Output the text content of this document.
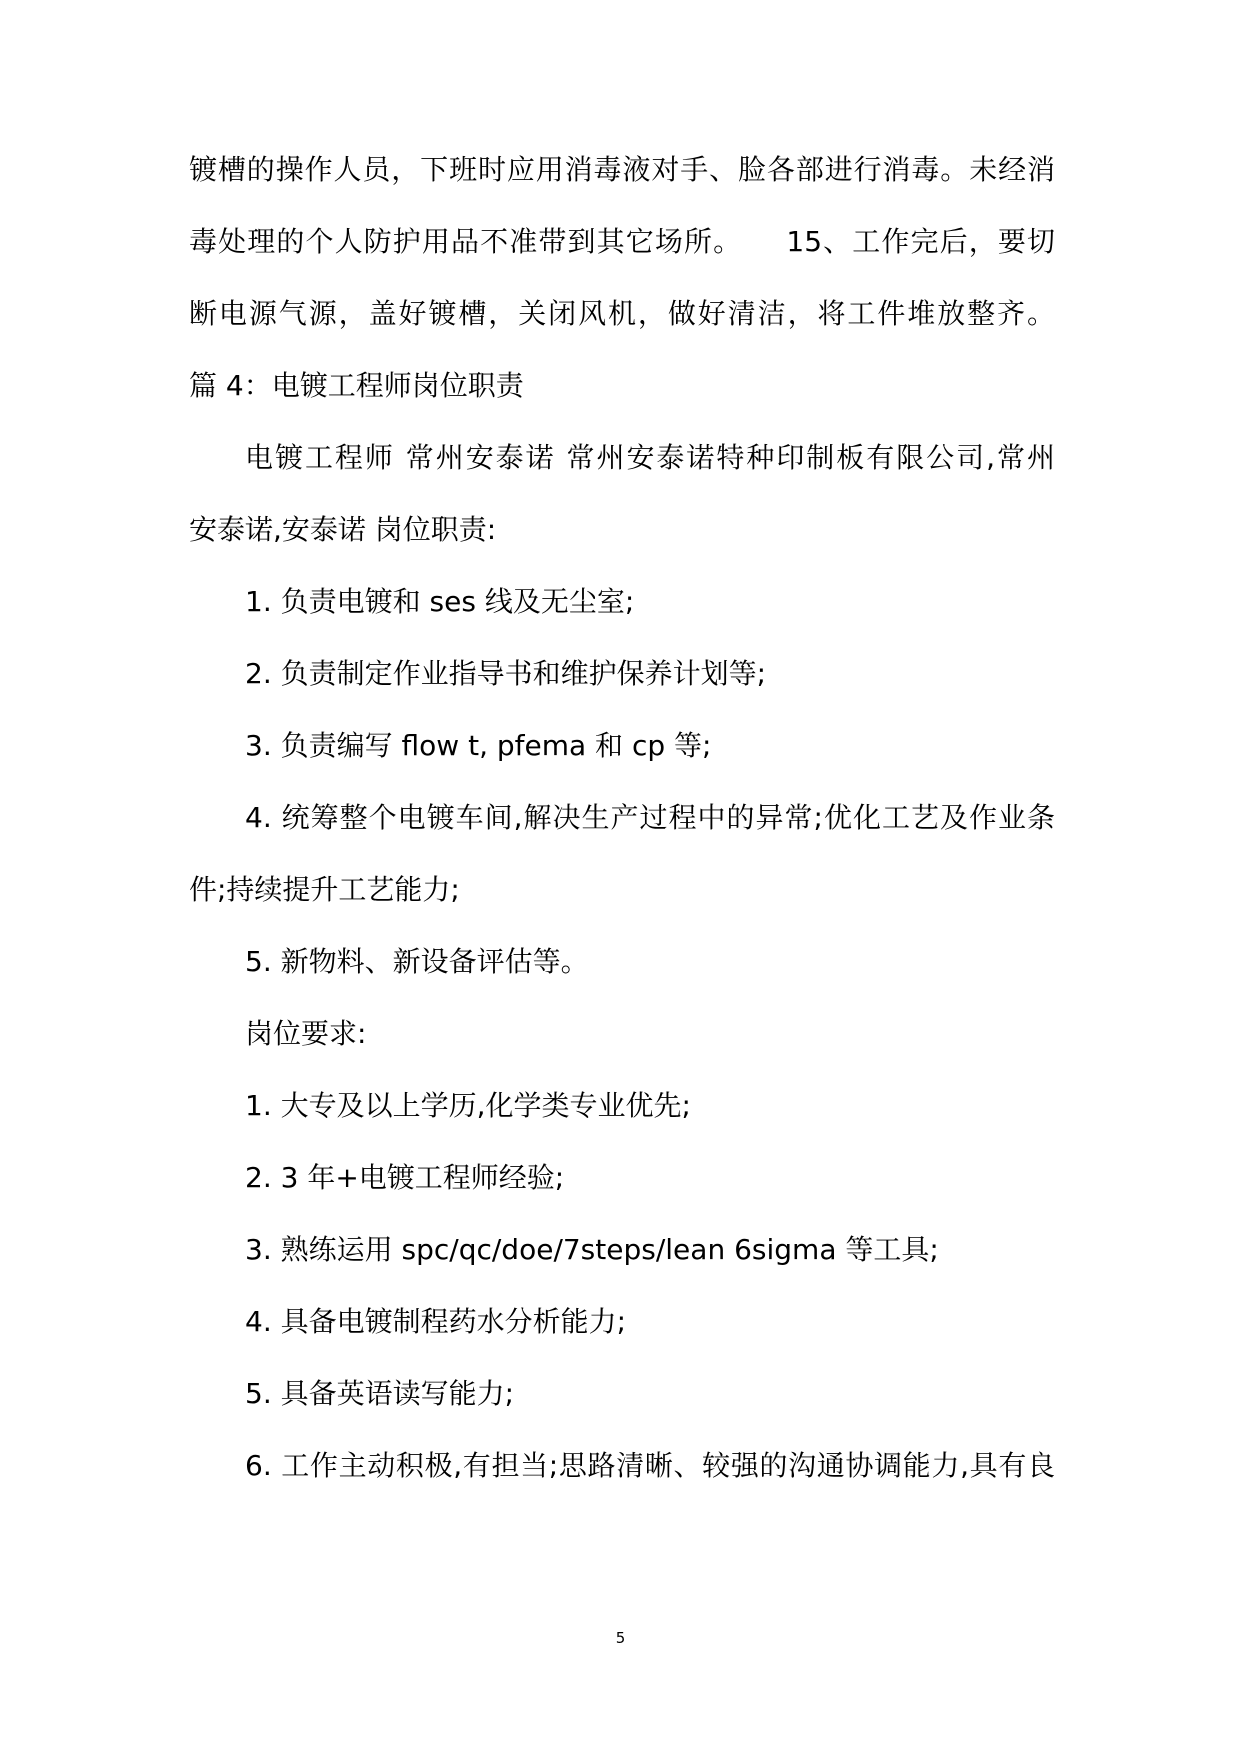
镀槽的操作人员，下班时应用消毒液对手、脸各部进行消毒。未经消
毒处理的个人防护用品不准带到其它场所。　　15、工作完后，要切
断电源气源，盖好镀槽，关闭风机，做好清洁，将工件堆放整齐。
篇 4：电镀工程师岗位职责
电镀工程师 常州安泰诺 常州安泰诺特种印制板有限公司,常州
安泰诺,安泰诺 岗位职责:
1. 负责电镀和 ses 线及无尘室;
2. 负责制定作业指导书和维护保养计划等;
3. 负责编写 flow t, pfema 和 cp 等;
4. 统筹整个电镀车间,解决生产过程中的异常;优化工艺及作业条
件;持续提升工艺能力;
5. 新物料、新设备评估等。
岗位要求:
1. 大专及以上学历,化学类专业优先;
2. 3 年+电镀工程师经验;
3. 熟练运用 spc/qc/doe/7steps/lean 6sigma 等工具;
4. 具备电镀制程药水分析能力;
5. 具备英语读写能力;
6. 工作主动积极,有担当;思路清晰、较强的沟通协调能力,具有良
5
